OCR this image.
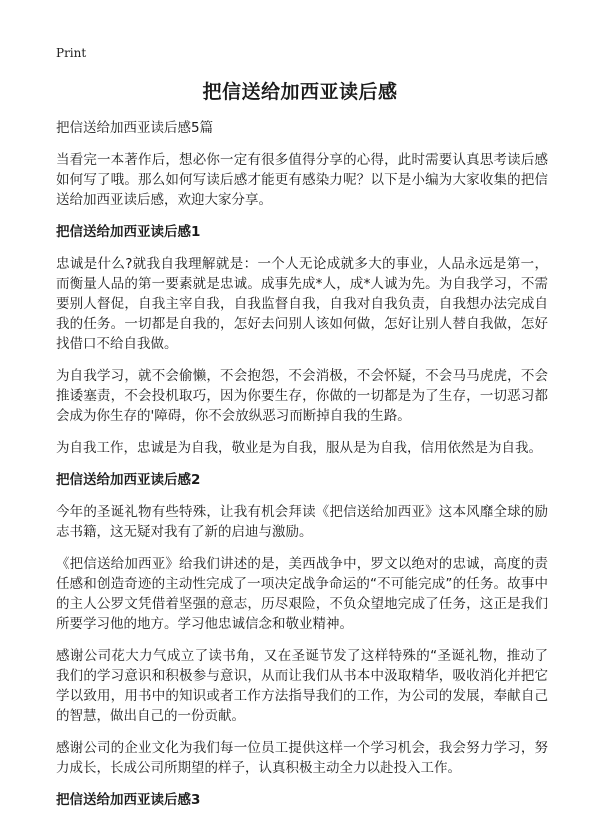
Print
把信送给加西亚读后感

把信送给加西亚读后感5篇

当看完一本著作后，想必你一定有很多值得分享的心得，此时需要认真思考读后感如何写了哦。那么如何写读后感才能更有感染力呢？以下是小编为大家收集的把信送给加西亚读后感，欢迎大家分享。

把信送给加西亚读后感1

忠诚是什么?就我自我理解就是：一个人无论成就多大的事业，人品永远是第一，而衡量人品的第一要素就是忠诚。成事先成*人，成*人诚为先。为自我学习，不需要别人督促，自我主宰自我，自我监督自我，自我对自我负责，自我想办法完成自我的任务。一切都是自我的，怎好去问别人该如何做，怎好让别人替自我做，怎好找借口不给自我做。

为自我学习，就不会偷懒，不会抱怨，不会消极，不会怀疑，不会马马虎虎，不会推诿塞责，不会投机取巧，因为你要生存，你做的一切都是为了生存，一切恶习都会成为你生存的'障碍，你不会放纵恶习而断掉自我的生路。

为自我工作，忠诚是为自我，敬业是为自我，服从是为自我，信用依然是为自我。

把信送给加西亚读后感2

今年的圣诞礼物有些特殊，让我有机会拜读《把信送给加西亚》这本风靡全球的励志书籍，这无疑对我有了新的启迪与激励。

《把信送给加西亚》给我们讲述的是，美西战争中，罗文以绝对的忠诚，高度的责任感和创造奇迹的主动性完成了一项决定战争命运的“不可能完成”的任务。故事中的主人公罗文凭借着坚强的意志，历尽艰险，不负众望地完成了任务，这正是我们所要学习他的地方。学习他忠诚信念和敬业精神。

感谢公司花大力气成立了读书角，又在圣诞节发了这样特殊的“圣诞礼物，推动了我们的学习意识和积极参与意识，从而让我们从书本中汲取精华，吸收消化并把它学以致用，用书中的知识或者工作方法指导我们的工作，为公司的发展，奉献自己的智慧，做出自己的一份贡献。

感谢公司的企业文化为我们每一位员工提供这样一个学习机会，我会努力学习，努力成长，长成公司所期望的样子，认真积极主动全力以赴投入工作。

把信送给加西亚读后感3
